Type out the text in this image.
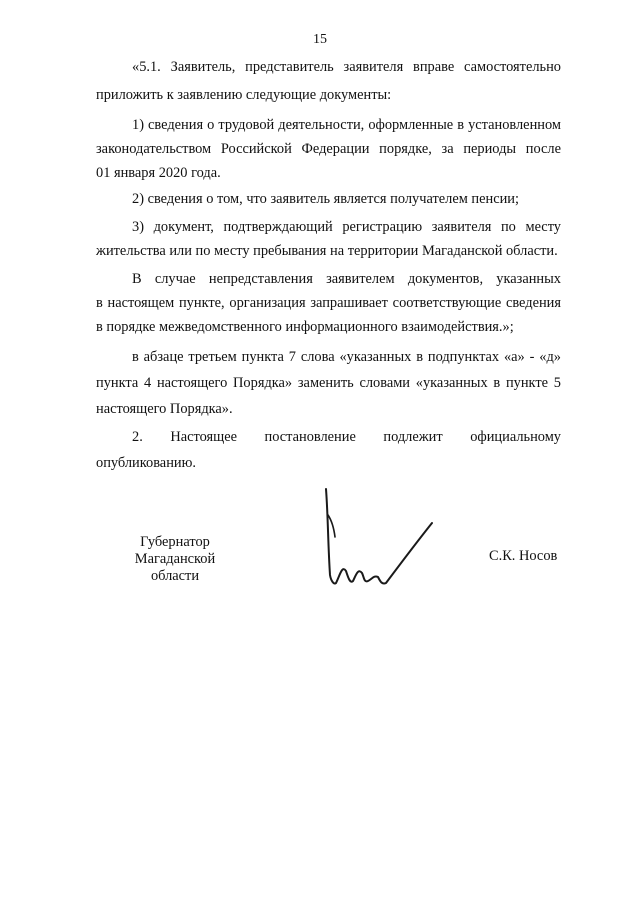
15
«5.1. Заявитель, представитель заявителя вправе самостоятельно
приложить к заявлению следующие документы:
1) сведения о трудовой деятельности, оформленные в установленном
законодательством Российской Федерации порядке, за периоды после
01 января 2020 года.
2) сведения о том, что заявитель является получателем пенсии;
3) документ, подтверждающий регистрацию заявителя по месту
жительства или по месту пребывания на территории Магаданской области.
В случае непредставления заявителем документов, указанных
в настоящем пункте, организация запрашивает соответствующие сведения
в порядке межведомственного информационного взаимодействия.»;
в абзаце третьем пункта 7 слова «указанных в подпунктах «а» - «д»
пункта 4 настоящего Порядка» заменить словами «указанных в пункте 5
настоящего Порядка».
2. Настоящее постановление подлежит официальному
опубликованию.
Губернатор
Магаданской области
С.К. Носов
